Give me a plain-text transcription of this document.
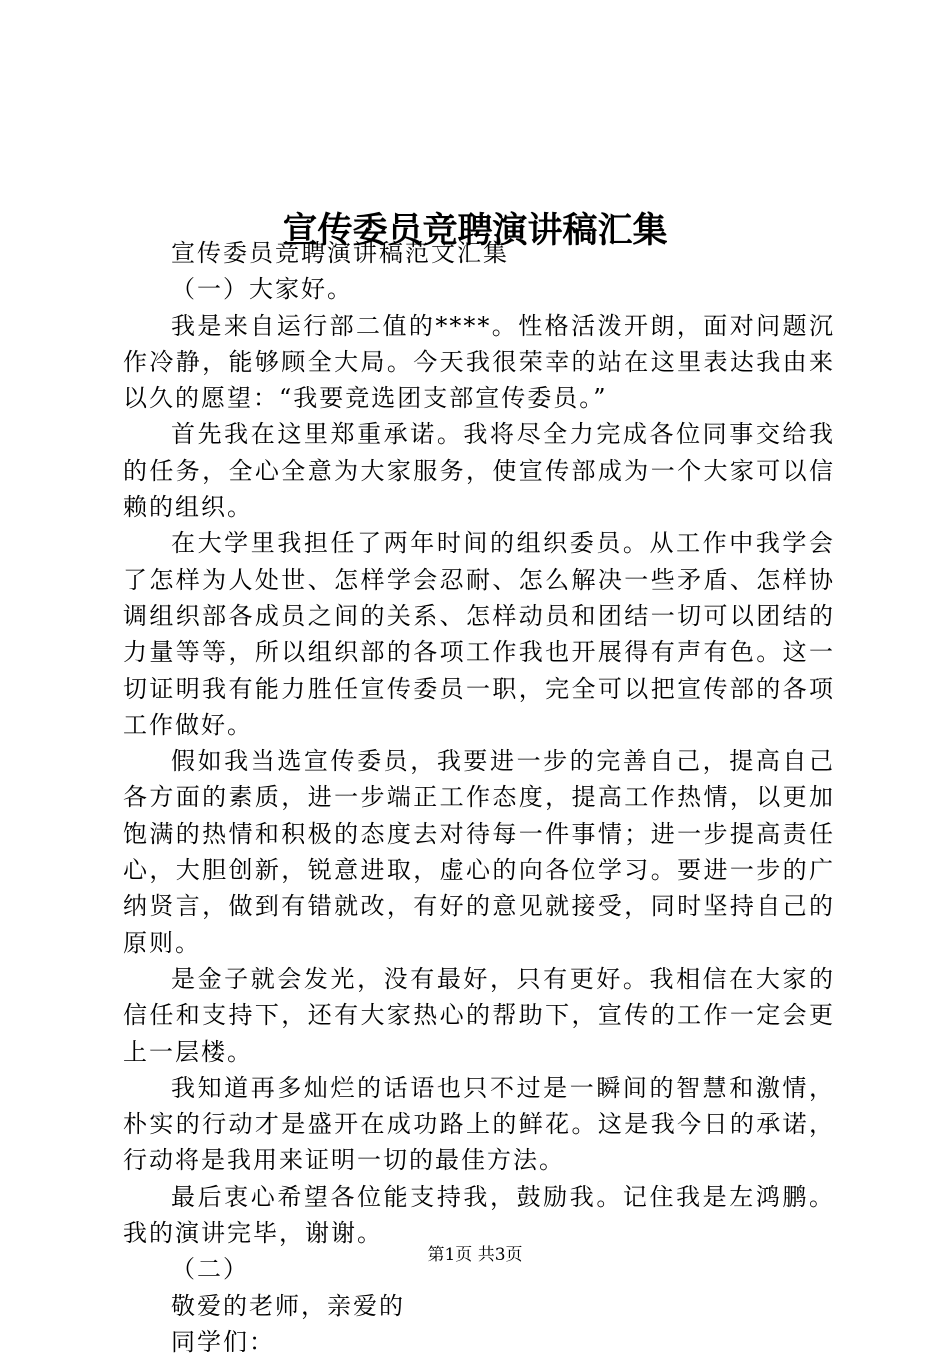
宣传委员竞聘演讲稿汇集

宣传委员竞聘演讲稿范文汇集

（一）大家好。

我是来自运行部二值的****。性格活泼开朗，面对问题沉作冷静，能够顾全大局。今天我很荣幸的站在这里表达我由来以久的愿望：“我要竞选团支部宣传委员。”

首先我在这里郑重承诺。我将尽全力完成各位同事交给我的任务，全心全意为大家服务，使宣传部成为一个大家可以信赖的组织。

在大学里我担任了两年时间的组织委员。从工作中我学会了怎样为人处世、怎样学会忍耐、怎么解决一些矛盾、怎样协调组织部各成员之间的关系、怎样动员和团结一切可以团结的力量等等，所以组织部的各项工作我也开展得有声有色。这一切证明我有能力胜任宣传委员一职，完全可以把宣传部的各项工作做好。

假如我当选宣传委员，我要进一步的完善自己，提高自己各方面的素质，进一步端正工作态度，提高工作热情，以更加饱满的热情和积极的态度去对待每一件事情；进一步提高责任心，大胆创新，锐意进取，虚心的向各位学习。要进一步的广纳贤言，做到有错就改，有好的意见就接受，同时坚持自己的原则。

是金子就会发光，没有最好，只有更好。我相信在大家的信任和支持下，还有大家热心的帮助下，宣传的工作一定会更上一层楼。

我知道再多灿烂的话语也只不过是一瞬间的智慧和激情，朴实的行动才是盛开在成功路上的鲜花。这是我今日的承诺，行动将是我用来证明一切的最佳方法。

最后衷心希望各位能支持我，鼓励我。记住我是左鸿鹏。我的演讲完毕，谢谢。

（二）

敬爱的老师，亲爱的

同学们：

第1页 共3页
